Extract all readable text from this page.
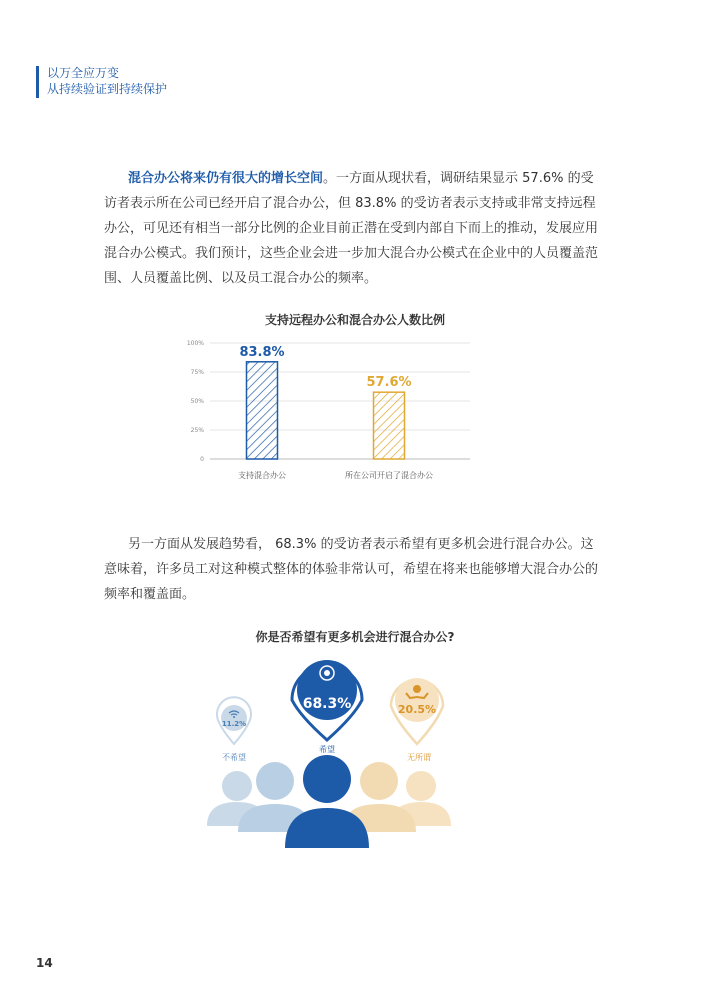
以万全应万变
从持续验证到持续保护
混合办公将来仍有很大的增长空间。一方面从现状看，调研结果显示 57.6% 的受
访者表示所在公司已经开启了混合办公，但 83.8% 的受访者表示支持或非常支持远程
办公，可见还有相当一部分比例的企业目前正潜在受到内部自下而上的推动，发展应用
混合办公模式。我们预计，这些企业会进一步加大混合办公模式在企业中的人员覆盖范
围、人员覆盖比例、以及员工混合办公的频率。
支持远程办公和混合办公人数比例
0
25%
50%
75%
100%
83.8%
支持混合办公
57.6%
所在公司开启了混合办公
另一方面从发展趋势看， 68.3% 的受访者表示希望有更多机会进行混合办公。这
意味着，许多员工对这种模式整体的体验非常认可，希望在将来也能够增大混合办公的
频率和覆盖面。
你是否希望有更多机会进行混合办公?
11.2%
不希望
68.3%
希望
20.5%
无所谓
14
